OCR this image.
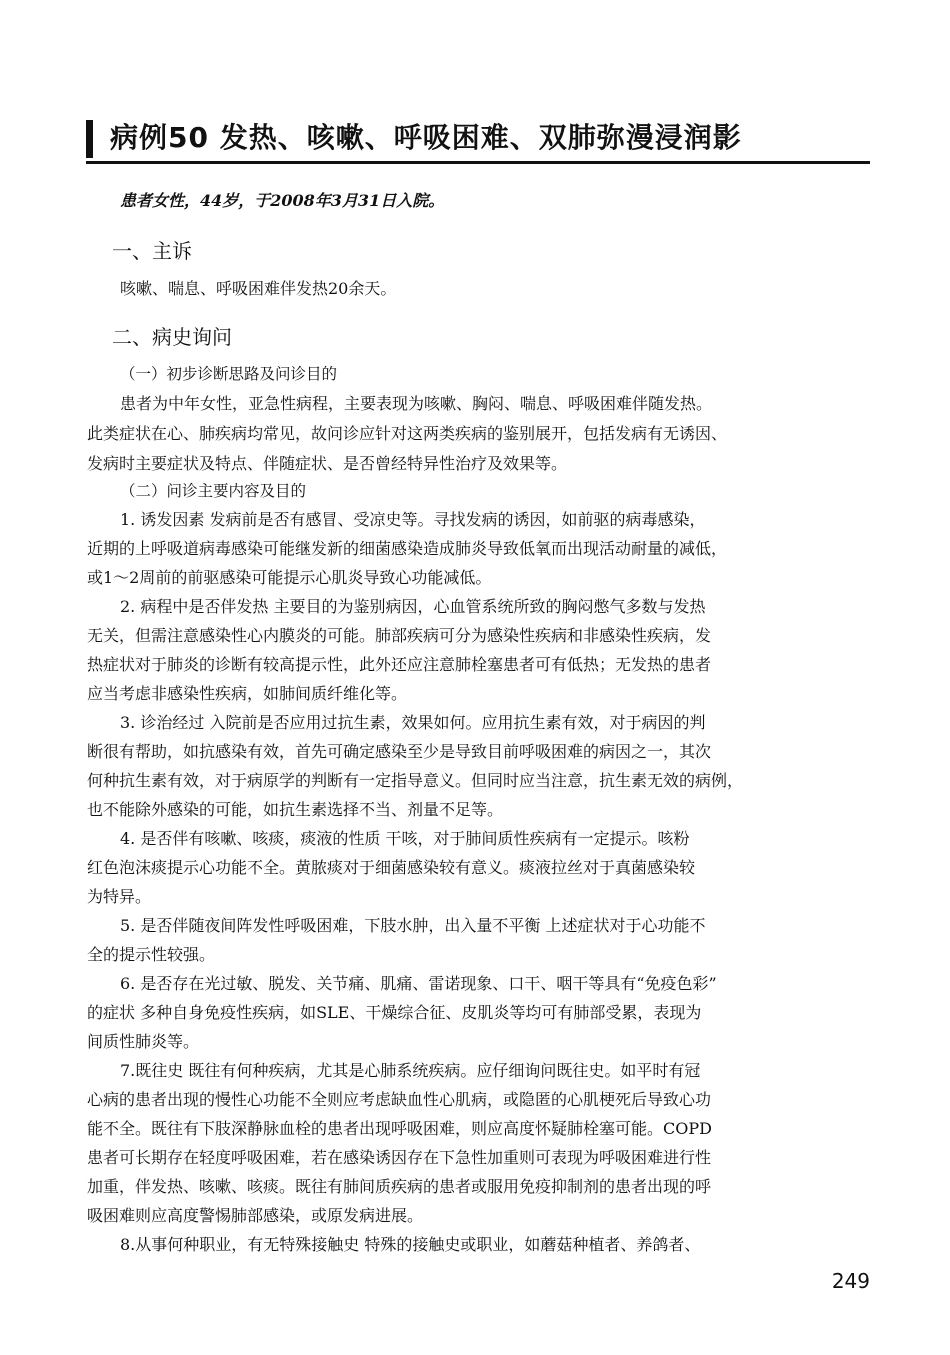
病例50 发热、咳嗽、呼吸困难、双肺弥漫浸润影
患者女性，44岁，于2008年3月31日入院。
一、主诉
咳嗽、喘息、呼吸困难伴发热20余天。
二、病史询问
（一）初步诊断思路及问诊目的
患者为中年女性，亚急性病程，主要表现为咳嗽、胸闷、喘息、呼吸困难伴随发热。
此类症状在心、肺疾病均常见，故问诊应针对这两类疾病的鉴别展开，包括发病有无诱因、
发病时主要症状及特点、伴随症状、是否曾经特异性治疗及效果等。
（二）问诊主要内容及目的
1. 诱发因素 发病前是否有感冒、受凉史等。寻找发病的诱因，如前驱的病毒感染，
近期的上呼吸道病毒感染可能继发新的细菌感染造成肺炎导致低氧而出现活动耐量的减低，
或1～2周前的前驱感染可能提示心肌炎导致心功能减低。
2. 病程中是否伴发热 主要目的为鉴别病因，心血管系统所致的胸闷憋气多数与发热
无关，但需注意感染性心内膜炎的可能。肺部疾病可分为感染性疾病和非感染性疾病，发
热症状对于肺炎的诊断有较高提示性，此外还应注意肺栓塞患者可有低热；无发热的患者
应当考虑非感染性疾病，如肺间质纤维化等。
3. 诊治经过 入院前是否应用过抗生素，效果如何。应用抗生素有效，对于病因的判
断很有帮助，如抗感染有效，首先可确定感染至少是导致目前呼吸困难的病因之一，其次
何种抗生素有效，对于病原学的判断有一定指导意义。但同时应当注意，抗生素无效的病例，
也不能除外感染的可能，如抗生素选择不当、剂量不足等。
4. 是否伴有咳嗽、咳痰，痰液的性质 干咳，对于肺间质性疾病有一定提示。咳粉
红色泡沫痰提示心功能不全。黄脓痰对于细菌感染较有意义。痰液拉丝对于真菌感染较
为特异。
5. 是否伴随夜间阵发性呼吸困难，下肢水肿，出入量不平衡 上述症状对于心功能不
全的提示性较强。
6. 是否存在光过敏、脱发、关节痛、肌痛、雷诺现象、口干、咽干等具有“免疫色彩”
的症状 多种自身免疫性疾病，如SLE、干燥综合征、皮肌炎等均可有肺部受累，表现为
间质性肺炎等。
7.既往史 既往有何种疾病，尤其是心肺系统疾病。应仔细询问既往史。如平时有冠
心病的患者出现的慢性心功能不全则应考虑缺血性心肌病，或隐匿的心肌梗死后导致心功
能不全。既往有下肢深静脉血栓的患者出现呼吸困难，则应高度怀疑肺栓塞可能。COPD
患者可长期存在轻度呼吸困难，若在感染诱因存在下急性加重则可表现为呼吸困难进行性
加重，伴发热、咳嗽、咳痰。既往有肺间质疾病的患者或服用免疫抑制剂的患者出现的呼
吸困难则应高度警惕肺部感染，或原发病进展。
8.从事何种职业，有无特殊接触史 特殊的接触史或职业，如蘑菇种植者、养鸽者、
249
